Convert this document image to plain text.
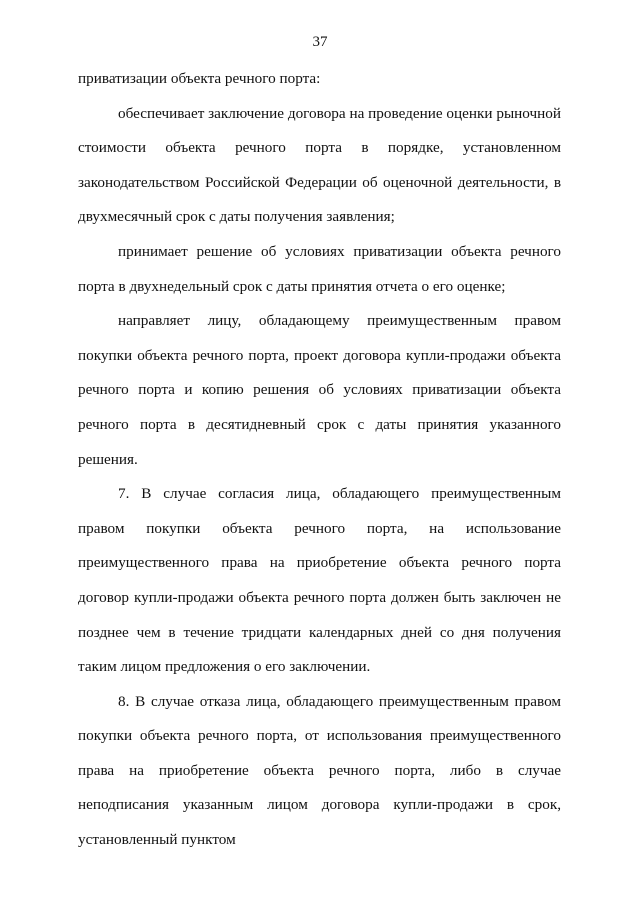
37

приватизации объекта речного порта:

обеспечивает заключение договора на проведение оценки рыночной стоимости объекта речного порта в порядке, установленном законодательством Российской Федерации об оценочной деятельности, в двухмесячный срок с даты получения заявления;

принимает решение об условиях приватизации объекта речного порта в двухнедельный срок с даты принятия отчета о его оценке;

направляет лицу, обладающему преимущественным правом покупки объекта речного порта, проект договора купли-продажи объекта речного порта и копию решения об условиях приватизации объекта речного порта в десятидневный срок с даты принятия указанного решения.

7. В случае согласия лица, обладающего преимущественным правом покупки объекта речного порта, на использование преимущественного права на приобретение объекта речного порта договор купли-продажи объекта речного порта должен быть заключен не позднее чем в течение тридцати календарных дней со дня получения таким лицом предложения о его заключении.

8. В случае отказа лица, обладающего преимущественным правом покупки объекта речного порта, от использования преимущественного права на приобретение объекта речного порта, либо в случае неподписания указанным лицом договора купли-продажи в срок, установленный пунктом
